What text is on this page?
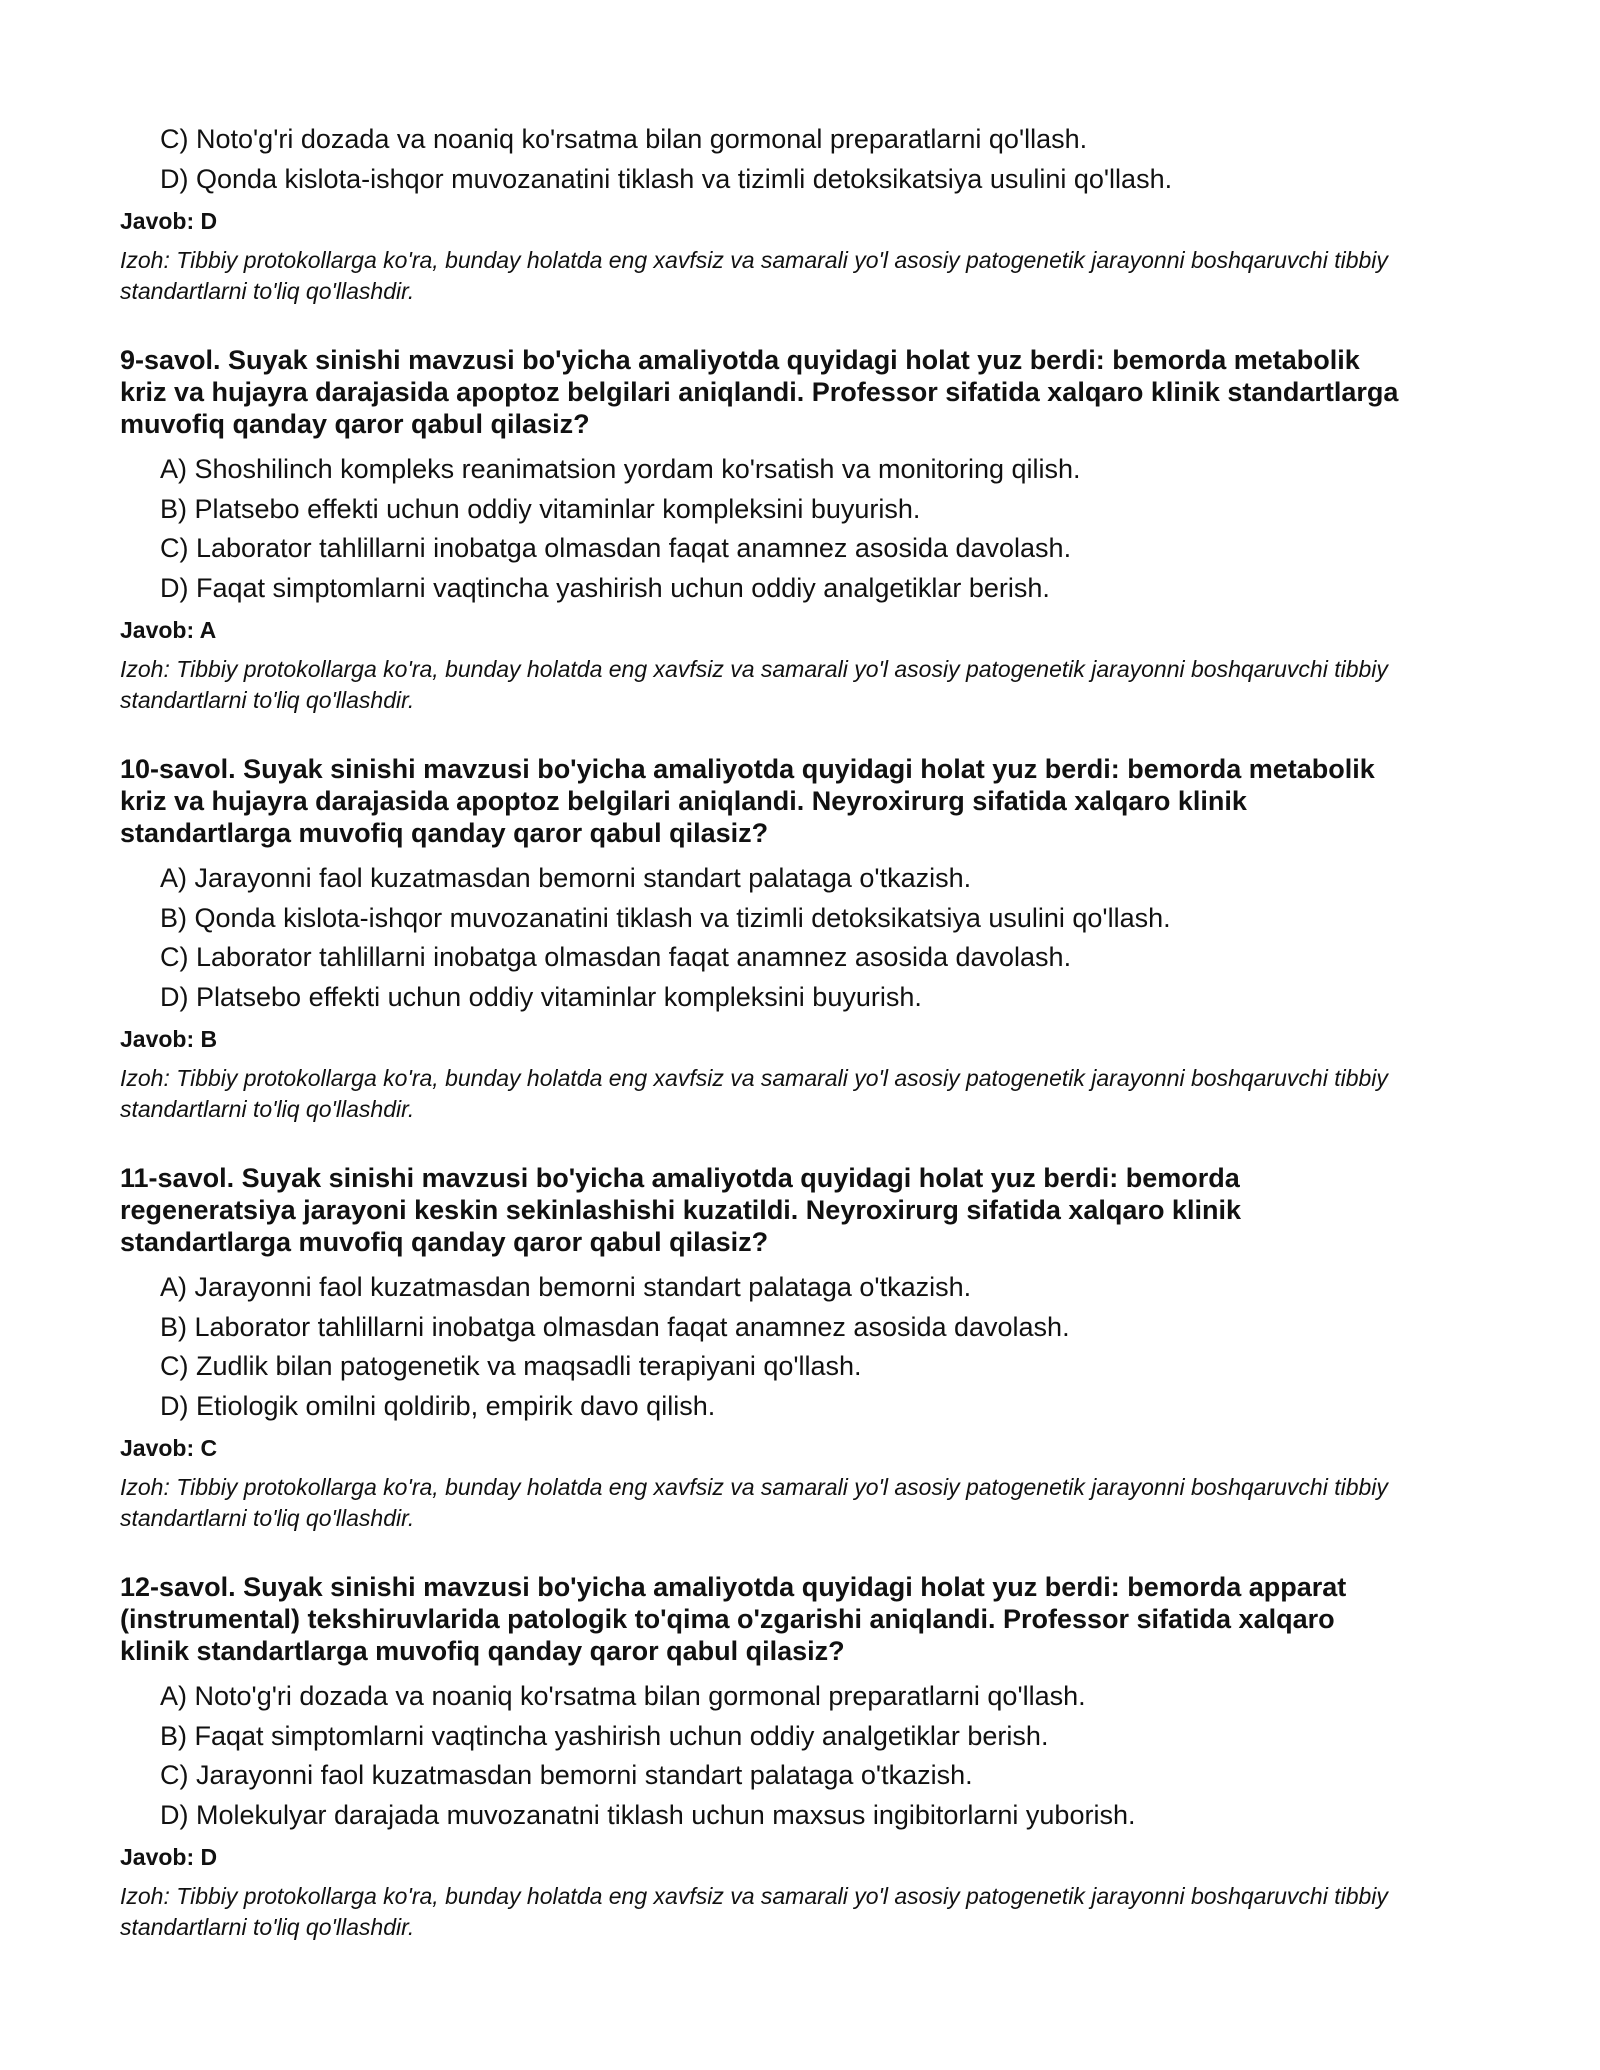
C) Noto'g'ri dozada va noaniq ko'rsatma bilan gormonal preparatlarni qo'llash.
D) Qonda kislota-ishqor muvozanatini tiklash va tizimli detoksikatsiya usulini qo'llash.
Javob: D
Izoh: Tibbiy protokollarga ko'ra, bunday holatda eng xavfsiz va samarali yo'l asosiy patogenetik jarayonni boshqaruvchi tibbiy standartlarni to'liq qo'llashdir.
9-savol. Suyak sinishi mavzusi bo'yicha amaliyotda quyidagi holat yuz berdi: bemorda metabolik
kriz va hujayra darajasida apoptoz belgilari aniqlandi. Professor sifatida xalqaro klinik standartlarga
muvofiq qanday qaror qabul qilasiz?
A) Shoshilinch kompleks reanimatsion yordam ko'rsatish va monitoring qilish.
B) Platsebo effekti uchun oddiy vitaminlar kompleksini buyurish.
C) Laborator tahlillarni inobatga olmasdan faqat anamnez asosida davolash.
D) Faqat simptomlarni vaqtincha yashirish uchun oddiy analgetiklar berish.
Javob: A
Izoh: Tibbiy protokollarga ko'ra, bunday holatda eng xavfsiz va samarali yo'l asosiy patogenetik jarayonni boshqaruvchi tibbiy standartlarni to'liq qo'llashdir.
10-savol. Suyak sinishi mavzusi bo'yicha amaliyotda quyidagi holat yuz berdi: bemorda metabolik
kriz va hujayra darajasida apoptoz belgilari aniqlandi. Neyroxirurg sifatida xalqaro klinik
standartlarga muvofiq qanday qaror qabul qilasiz?
A) Jarayonni faol kuzatmasdan bemorni standart palataga o'tkazish.
B) Qonda kislota-ishqor muvozanatini tiklash va tizimli detoksikatsiya usulini qo'llash.
C) Laborator tahlillarni inobatga olmasdan faqat anamnez asosida davolash.
D) Platsebo effekti uchun oddiy vitaminlar kompleksini buyurish.
Javob: B
Izoh: Tibbiy protokollarga ko'ra, bunday holatda eng xavfsiz va samarali yo'l asosiy patogenetik jarayonni boshqaruvchi tibbiy standartlarni to'liq qo'llashdir.
11-savol. Suyak sinishi mavzusi bo'yicha amaliyotda quyidagi holat yuz berdi: bemorda
regeneratsiya jarayoni keskin sekinlashishi kuzatildi. Neyroxirurg sifatida xalqaro klinik
standartlarga muvofiq qanday qaror qabul qilasiz?
A) Jarayonni faol kuzatmasdan bemorni standart palataga o'tkazish.
B) Laborator tahlillarni inobatga olmasdan faqat anamnez asosida davolash.
C) Zudlik bilan patogenetik va maqsadli terapiyani qo'llash.
D) Etiologik omilni qoldirib, empirik davo qilish.
Javob: C
Izoh: Tibbiy protokollarga ko'ra, bunday holatda eng xavfsiz va samarali yo'l asosiy patogenetik jarayonni boshqaruvchi tibbiy standartlarni to'liq qo'llashdir.
12-savol. Suyak sinishi mavzusi bo'yicha amaliyotda quyidagi holat yuz berdi: bemorda apparat
(instrumental) tekshiruvlarida patologik to'qima o'zgarishi aniqlandi. Professor sifatida xalqaro
klinik standartlarga muvofiq qanday qaror qabul qilasiz?
A) Noto'g'ri dozada va noaniq ko'rsatma bilan gormonal preparatlarni qo'llash.
B) Faqat simptomlarni vaqtincha yashirish uchun oddiy analgetiklar berish.
C) Jarayonni faol kuzatmasdan bemorni standart palataga o'tkazish.
D) Molekulyar darajada muvozanatni tiklash uchun maxsus ingibitorlarni yuborish.
Javob: D
Izoh: Tibbiy protokollarga ko'ra, bunday holatda eng xavfsiz va samarali yo'l asosiy patogenetik jarayonni boshqaruvchi tibbiy standartlarni to'liq qo'llashdir.
